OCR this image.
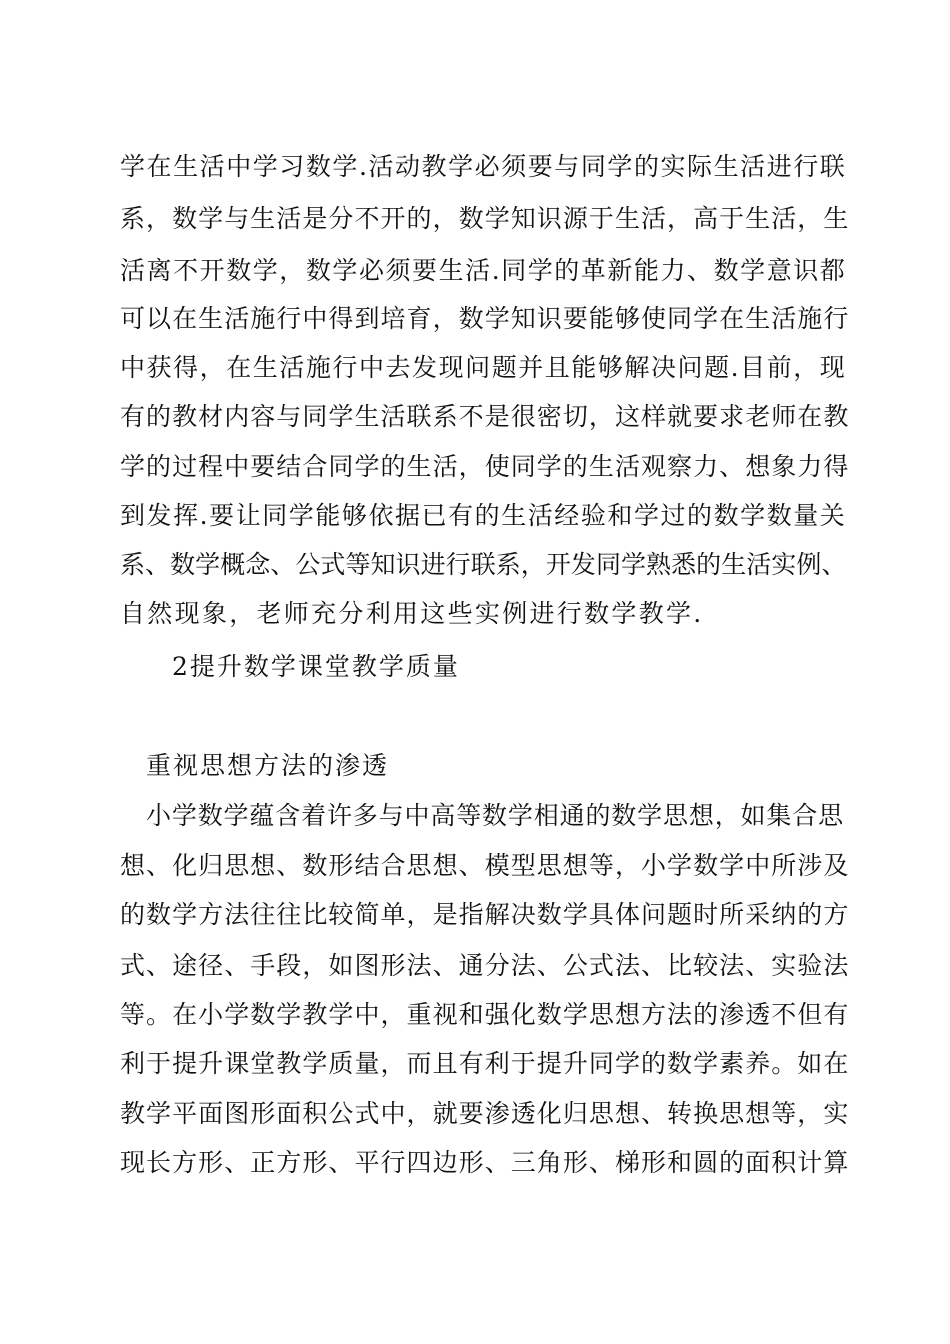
学在生活中学习数学.活动教学必须要与同学的实际生活进行联
系，数学与生活是分不开的，数学知识源于生活，高于生活，生
活离不开数学，数学必须要生活.同学的革新能力、数学意识都
可以在生活施行中得到培育，数学知识要能够使同学在生活施行
中获得，在生活施行中去发现问题并且能够解决问题.目前，现
有的教材内容与同学生活联系不是很密切，这样就要求老师在教
学的过程中要结合同学的生活，使同学的生活观察力、想象力得
到发挥.要让同学能够依据已有的生活经验和学过的数学数量关
系、数学概念、公式等知识进行联系，开发同学熟悉的生活实例、
自然现象，老师充分利用这些实例进行数学教学.
2提升数学课堂教学质量
重视思想方法的渗透
小学数学蕴含着许多与中高等数学相通的数学思想，如集合思
想、化归思想、数形结合思想、模型思想等，小学数学中所涉及
的数学方法往往比较简单，是指解决数学具体问题时所采纳的方
式、途径、手段，如图形法、通分法、公式法、比较法、实验法
等。在小学数学教学中，重视和强化数学思想方法的渗透不但有
利于提升课堂教学质量，而且有利于提升同学的数学素养。如在
教学平面图形面积公式中，就要渗透化归思想、转换思想等，实
现长方形、正方形、平行四边形、三角形、梯形和圆的面积计算
